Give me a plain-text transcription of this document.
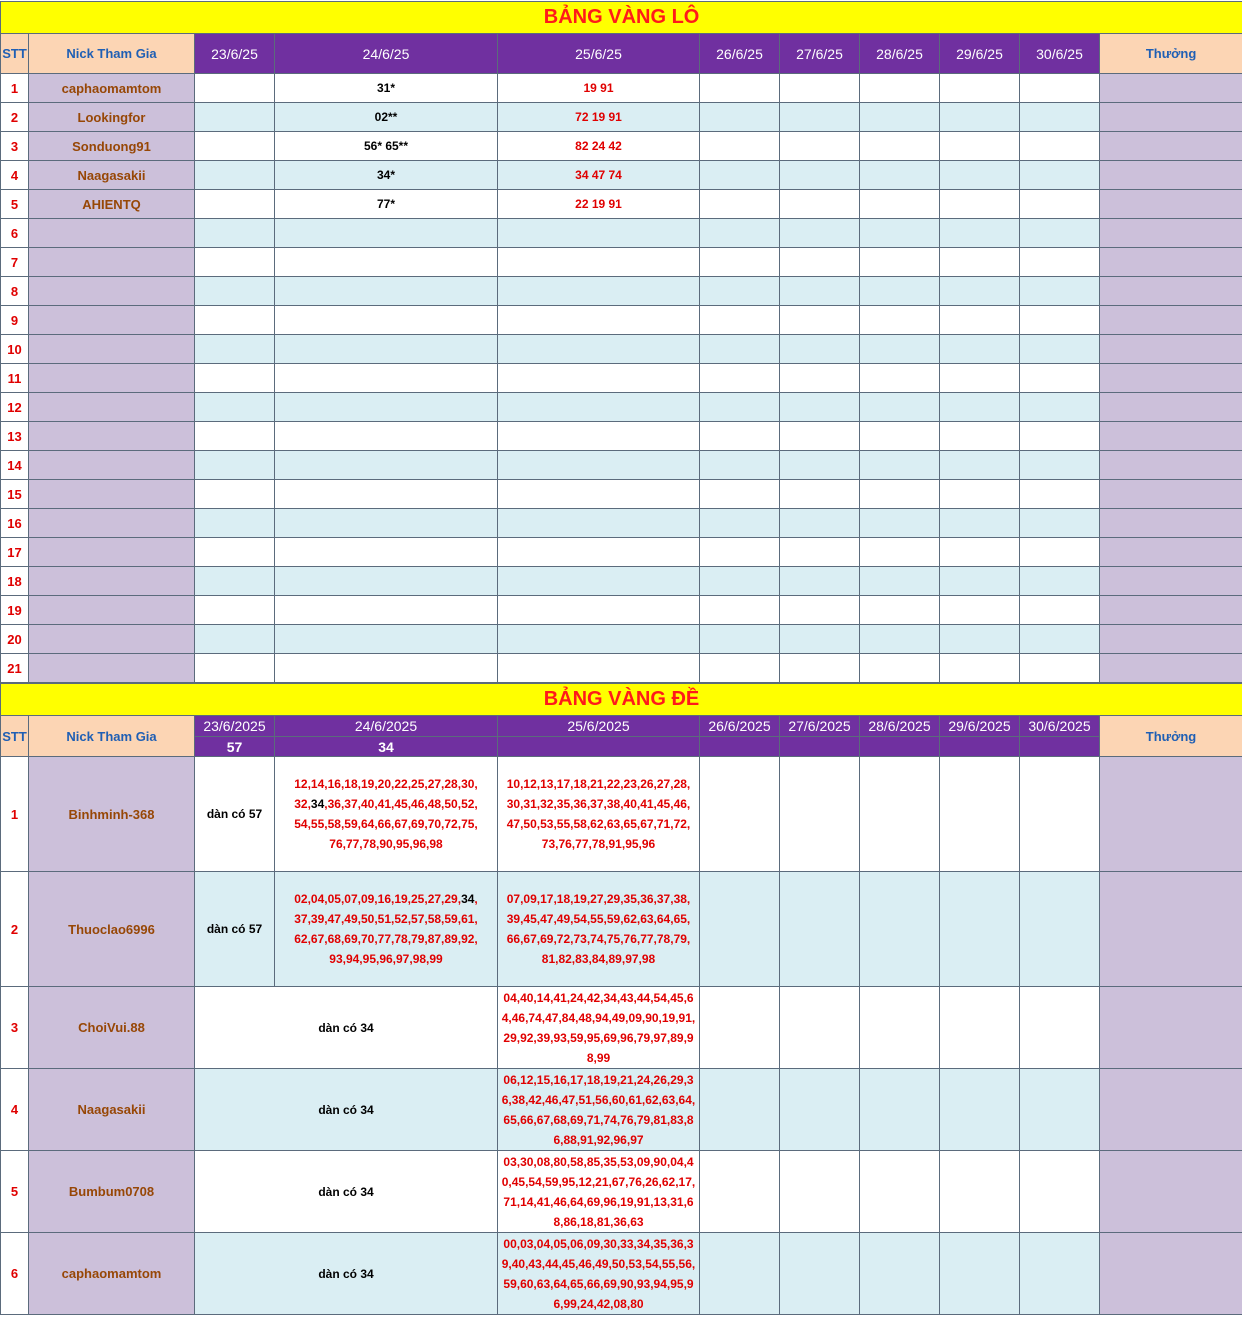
BẢNG VÀNG LÔ										
STT	Nick Tham Gia	23/6/25	24/6/25	25/6/25	26/6/25	27/6/25	28/6/25	29/6/25	30/6/25	Thưởng
1	caphaomamtom		31*	19 91						
2	Lookingfor		02**	72 19 91						
3	Sonduong91		56* 65**	82 24 42						
4	Naagasakii		34*	34 47 74						
5	AHIENTQ		77*	22 19 91						
6										
7										
8										
9										
10										
11										
12										
13										
14										
15										
16										
17										
18										
19										
20										
21										
BẢNG VÀNG ĐỀ										
STT	Nick Tham Gia	23/6/2025	24/6/2025	25/6/2025	26/6/2025	27/6/2025	28/6/2025	29/6/2025	30/6/2025	Thưởng
		57	34							
1	Binhminh-368	dàn có 57	12,14,16,18,19,20,22,25,27,28,30,32,34,36,37,40,41,45,46,48,50,52,54,55,58,59,64,66,67,69,70,72,75,76,77,78,90,95,96,98	10,12,13,17,18,21,22,23,26,27,28,30,31,32,35,36,37,38,40,41,45,46,47,50,53,55,58,62,63,65,67,71,72,73,76,77,78,91,95,96						
2	Thuoclao6996	dàn có 57	02,04,05,07,09,16,19,25,27,29,34,37,39,47,49,50,51,52,57,58,59,61,62,67,68,69,70,77,78,79,87,89,92,93,94,95,96,97,98,99	07,09,17,18,19,27,29,35,36,37,38,39,45,47,49,54,55,59,62,63,64,65,66,67,69,72,73,74,75,76,77,78,79,81,82,83,84,89,97,98						
3	ChoiVui.88	dàn có 34		04,40,14,41,24,42,34,43,44,54,45,64,46,74,47,84,48,94,49,09,90,19,91,29,92,39,93,59,95,69,96,79,97,89,98,99						
4	Naagasakii	dàn có 34		06,12,15,16,17,18,19,21,24,26,29,36,38,42,46,47,51,56,60,61,62,63,64,65,66,67,68,69,71,74,76,79,81,83,86,88,91,92,96,97						
5	Bumbum0708	dàn có 34		03,30,08,80,58,85,35,53,09,90,04,40,45,54,59,95,12,21,67,76,26,62,17,71,14,41,46,64,69,96,19,91,13,31,68,86,18,81,36,63						
6	caphaomamtom	dàn có 34		00,03,04,05,06,09,30,33,34,35,36,39,40,43,44,45,46,49,50,53,54,55,56,59,60,63,64,65,66,69,90,93,94,95,96,99,24,42,08,80						
